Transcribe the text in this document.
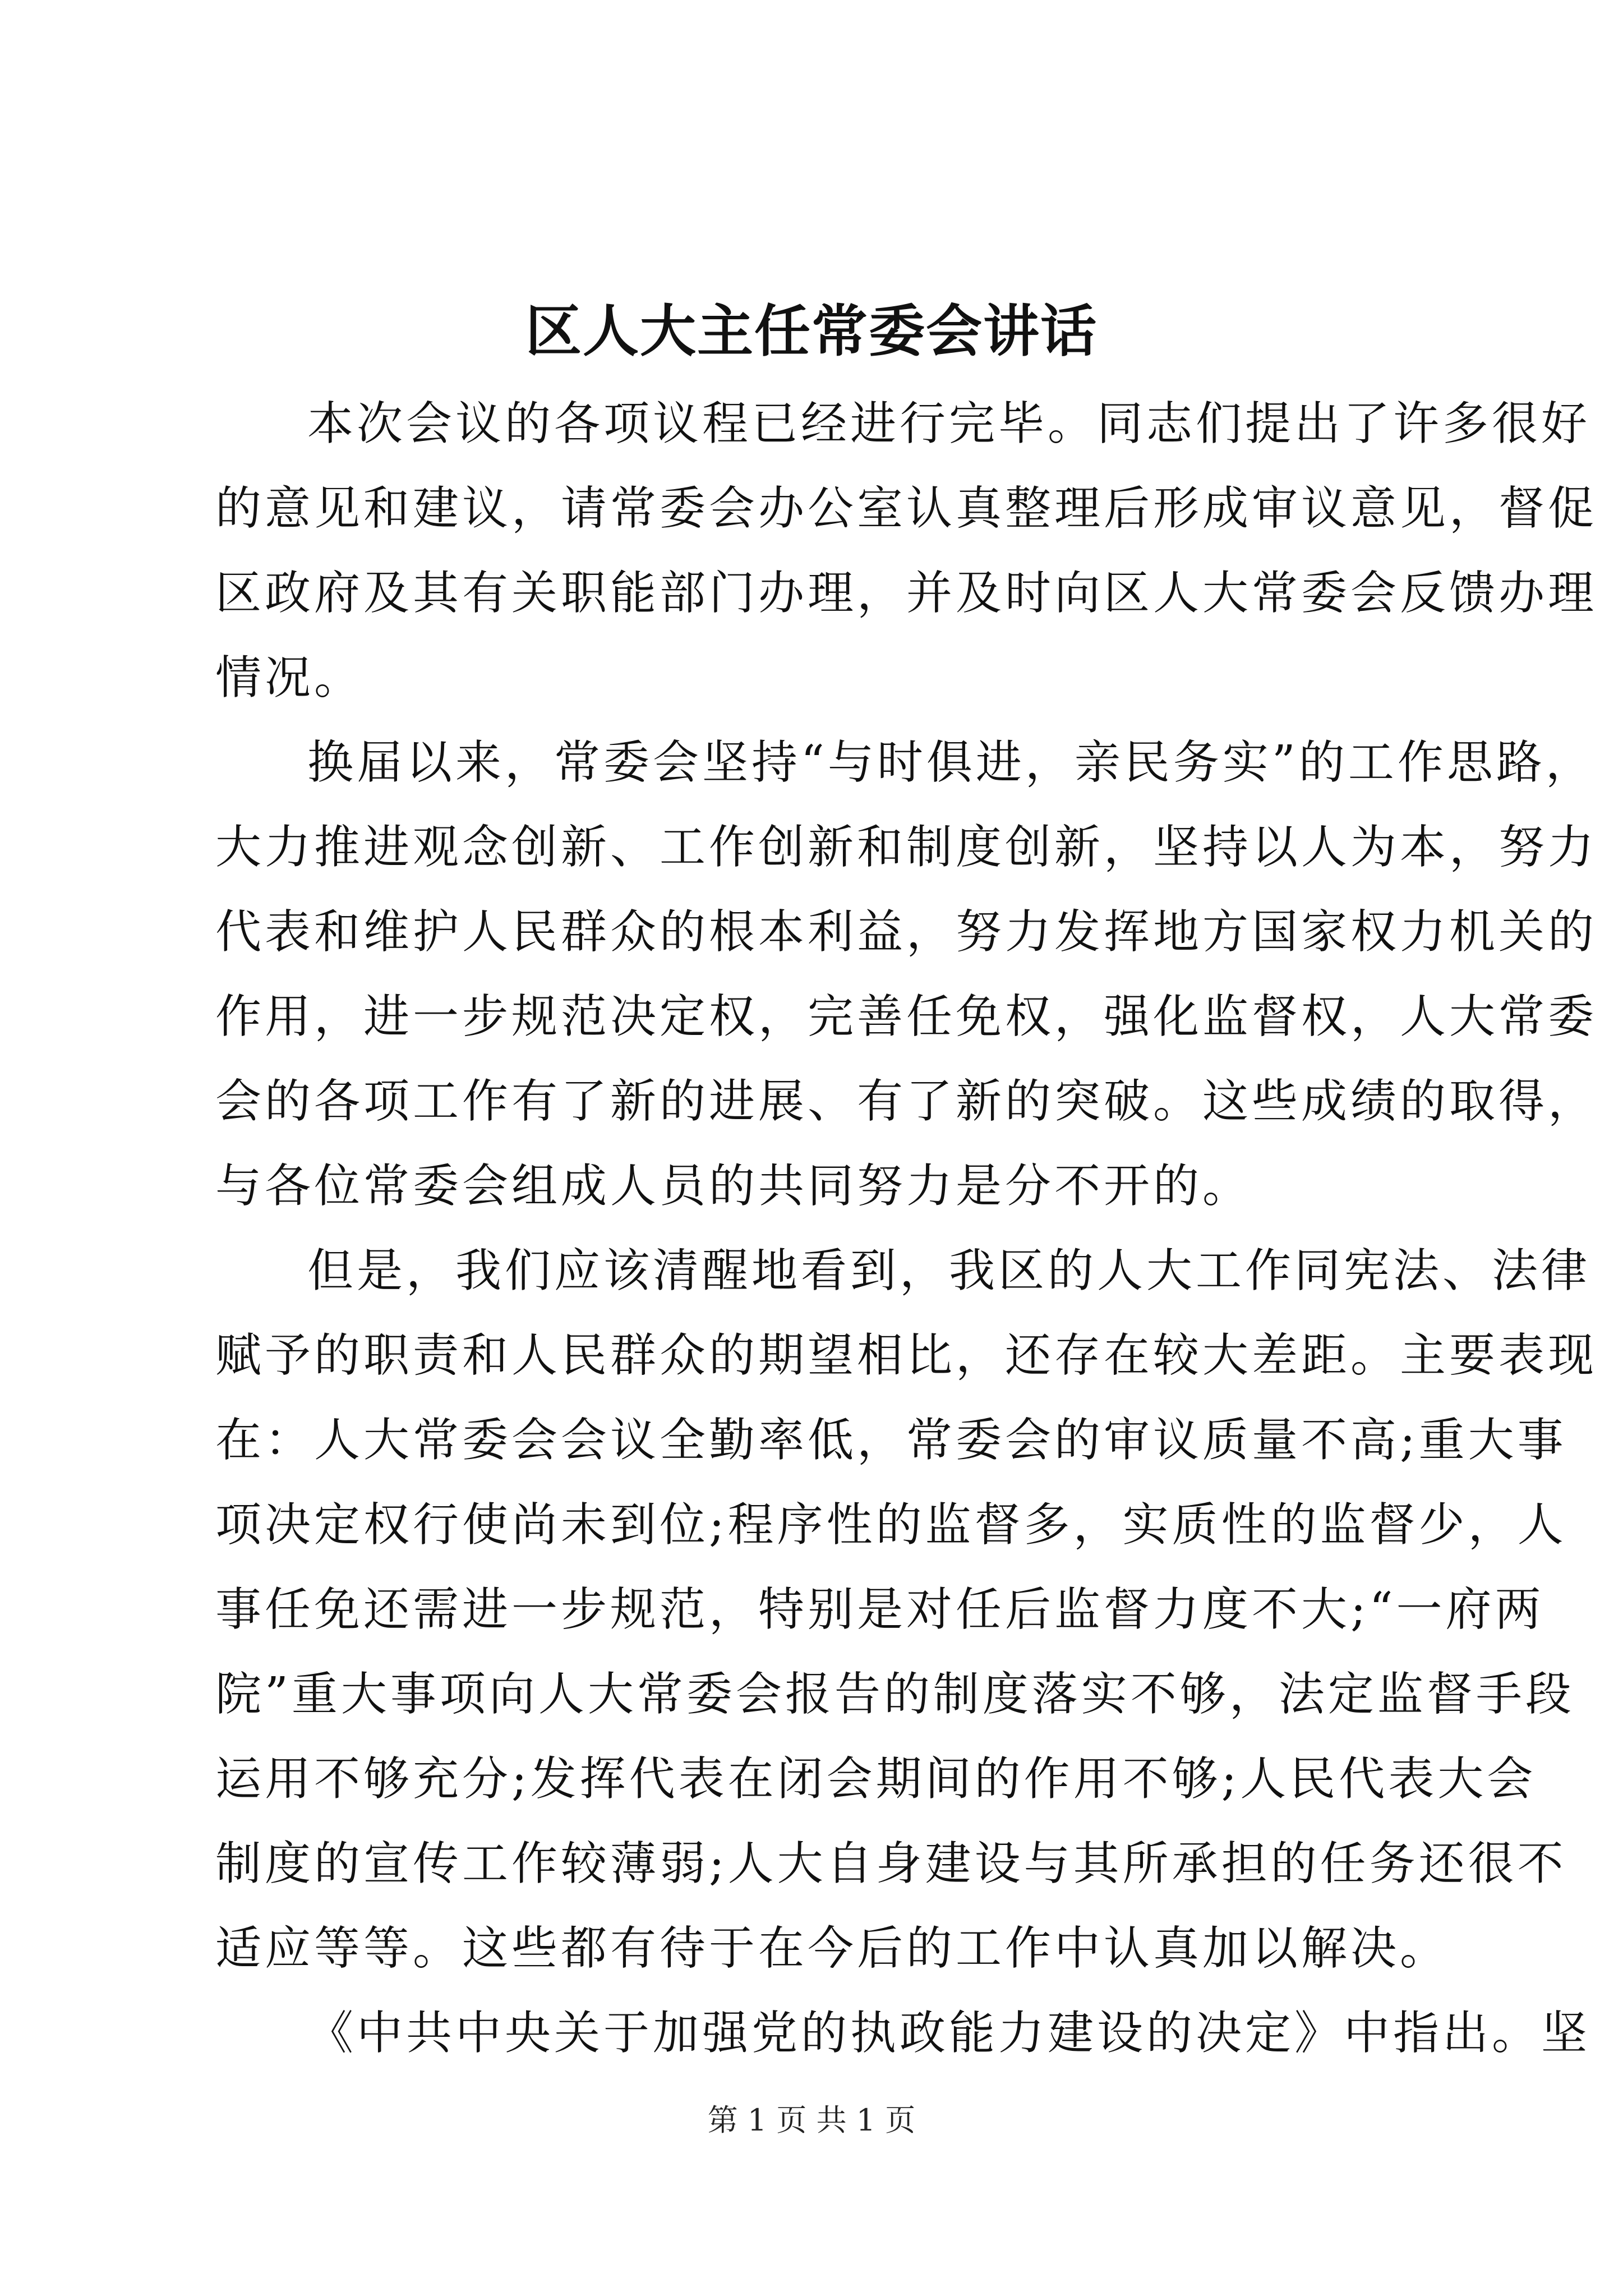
区人大主任常委会讲话
本次会议的各项议程已经进行完毕。同志们提出了许多很好
的意见和建议，请常委会办公室认真整理后形成审议意见，督促
区政府及其有关职能部门办理，并及时向区人大常委会反馈办理
情况。
换届以来，常委会坚持“与时俱进，亲民务实”的工作思路，
大力推进观念创新、工作创新和制度创新，坚持以人为本，努力
代表和维护人民群众的根本利益，努力发挥地方国家权力机关的
作用，进一步规范决定权，完善任免权，强化监督权，人大常委
会的各项工作有了新的进展、有了新的突破。这些成绩的取得，
与各位常委会组成人员的共同努力是分不开的。
但是，我们应该清醒地看到，我区的人大工作同宪法、法律
赋予的职责和人民群众的期望相比，还存在较大差距。主要表现
在：人大常委会会议全勤率低，常委会的审议质量不高;重大事
项决定权行使尚未到位;程序性的监督多，实质性的监督少，人
事任免还需进一步规范，特别是对任后监督力度不大;“一府两
院”重大事项向人大常委会报告的制度落实不够，法定监督手段
运用不够充分;发挥代表在闭会期间的作用不够;人民代表大会
制度的宣传工作较薄弱;人大自身建设与其所承担的任务还很不
适应等等。这些都有待于在今后的工作中认真加以解决。
《中共中央关于加强党的执政能力建设的决定》中指出。坚
第 1 页 共 1 页
